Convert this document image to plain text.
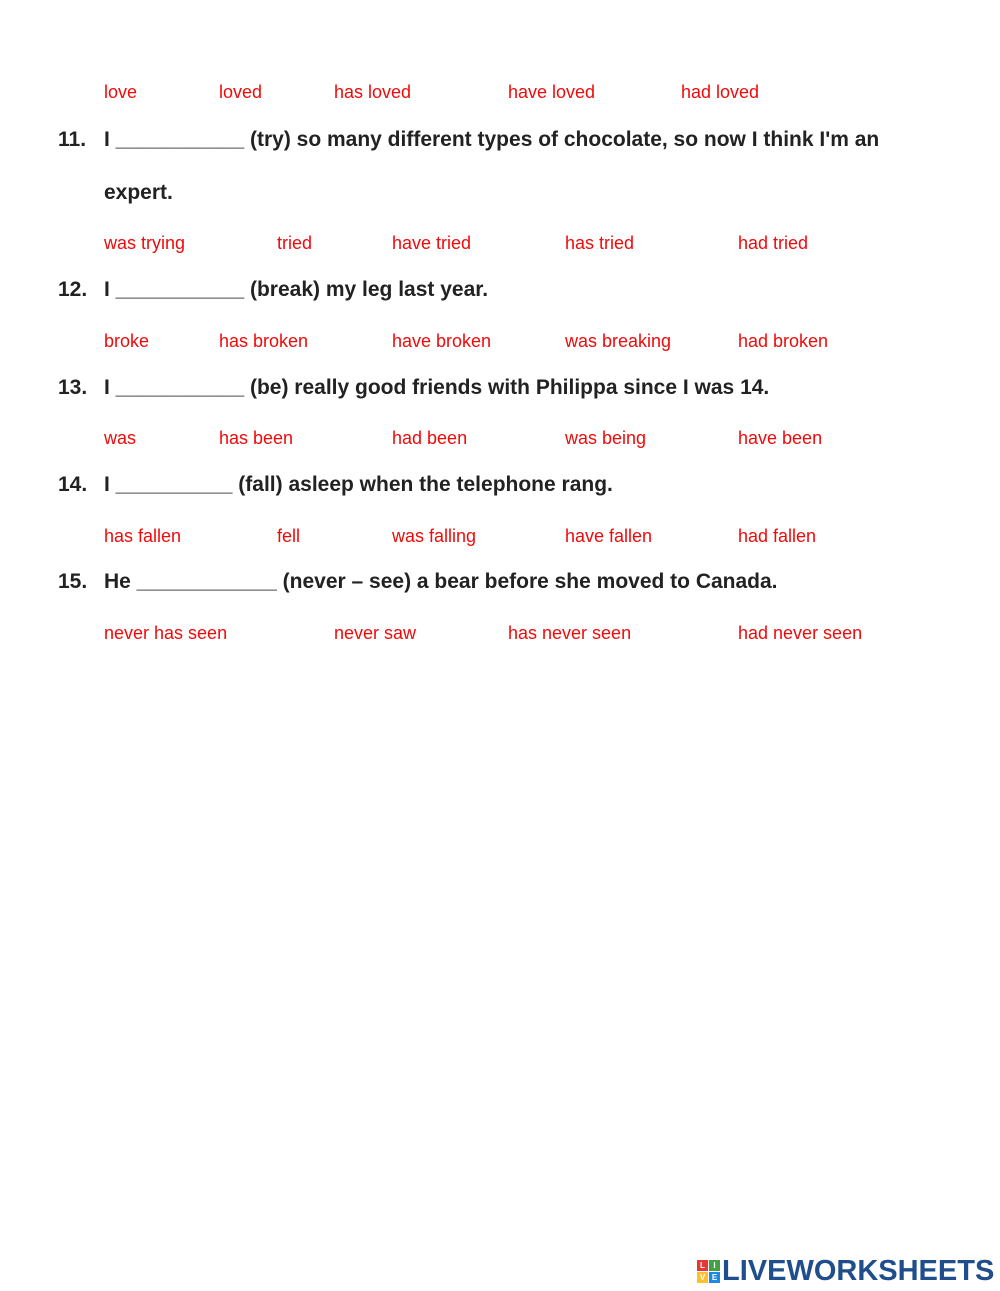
love	loved	has loved	have loved	had loved
11. I ___________ (try) so many different types of chocolate, so now I think I'm an
expert.
was trying	tried	have tried	has tried	had tried
12. I ___________ (break) my leg last year.
broke	has broken	have broken	was breaking	had broken
13. I ___________ (be) really good friends with Philippa since I was 14.
was	has been	had been	was being	have been
14. I __________ (fall) asleep when the telephone rang.
has fallen	fell	was falling	have fallen	had fallen
15. He ____________ (never – see) a bear before she moved to Canada.
never has seen	never saw	has never seen	had never seen
L	I
V E LIVEWORKSHEETS
